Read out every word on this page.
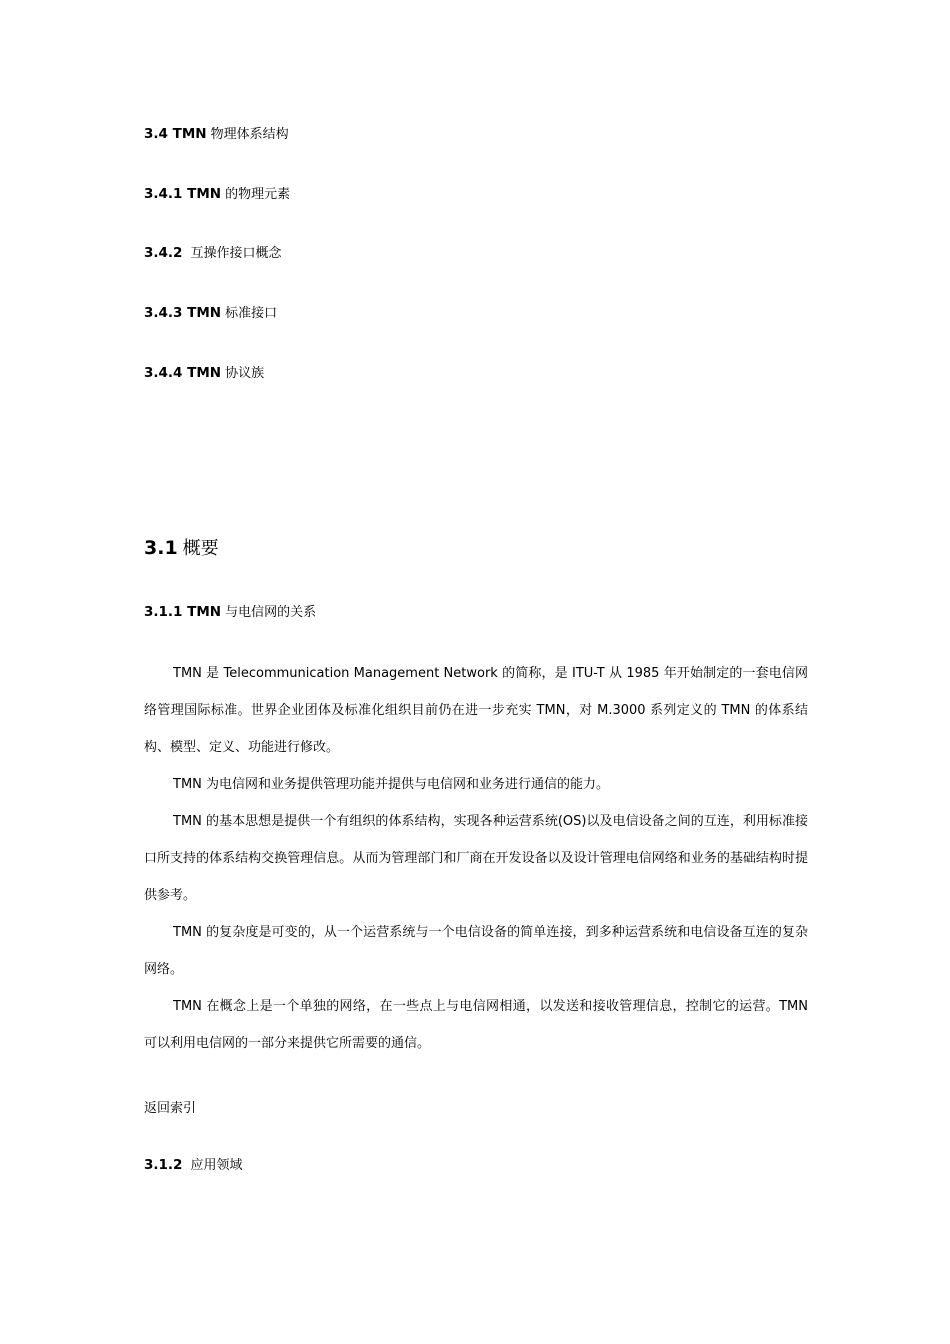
3.4 TMN 物理体系结构
3.4.1 TMN 的物理元素
3.4.2 互操作接口概念
3.4.3 TMN 标准接口
3.4.4 TMN 协议族
3.1 概要
3.1.1 TMN 与电信网的关系

TMN 是 Telecommunication Management Network 的简称，是 ITU-T 从 1985 年开始制定的一套电信网络管理国际标准。世界企业团体及标准化组织目前仍在进一步充实 TMN，对 M.3000 系列定义的 TMN 的体系结构、模型、定义、功能进行修改。

TMN 为电信网和业务提供管理功能并提供与电信网和业务进行通信的能力。

TMN 的基本思想是提供一个有组织的体系结构，实现各种运营系统(OS)以及电信设备之间的互连，利用标准接口所支持的体系结构交换管理信息。从而为管理部门和厂商在开发设备以及设计管理电信网络和业务的基础结构时提供参考。

TMN 的复杂度是可变的，从一个运营系统与一个电信设备的简单连接，到多种运营系统和电信设备互连的复杂网络。

TMN 在概念上是一个单独的网络，在一些点上与电信网相通，以发送和接收管理信息，控制它的运营。TMN 可以利用电信网的一部分来提供它所需要的通信。

返回索引
3.1.2 应用领域
